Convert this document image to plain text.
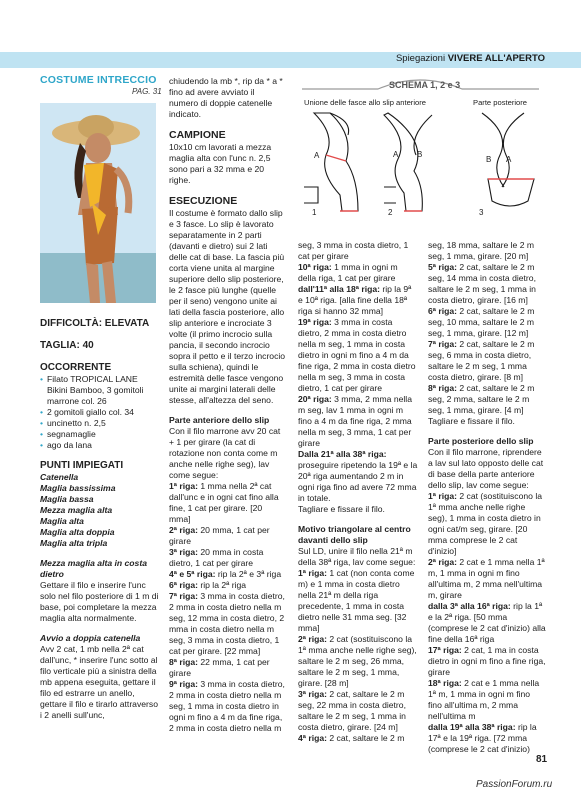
Spiegazioni VIVERE ALL'APERTO
COSTUME INTRECCIO
PAG. 31

DIFFICOLTÀ: ELEVATA

TAGLIA: 40

OCCORRENTE

• Filato TROPICAL LANE Bikini Bamboo, 3 gomitoli marrone col. 26

• 2 gomitoli giallo col. 34

• uncinetto n. 2,5

• segnamaglie

• ago da lana

PUNTI IMPIEGATI

Catenella

Maglia bassissima

Maglia bassa

Mezza maglia alta

Maglia alta

Maglia alta doppia

Maglia alta tripla

Mezza maglia alta in costa dietro

Gettare il filo e inserire l'unc solo nel filo posteriore di 1 m di base, poi completare la mezza maglia alta normalmente.

Avvio a doppia catenella

Avv 2 cat, 1 mb nella 2ª cat dall'unc, * inserire l'unc sotto al filo verticale più a sinistra della mb appena eseguita, gettare il filo ed estrarre un anello, gettare il filo e tirarlo attraverso i 2 anelli sull'unc,

chiudendo la mb *, rip da * a * fino ad avere avviato il numero di doppie catenelle indicato.

CAMPIONE

10x10 cm lavorati a mezza maglia alta con l'unc n. 2,5 sono pari a 32 mma e 20 righe.

ESECUZIONE

Il costume è formato dallo slip e 3 fasce. Lo slip è lavorato separatamente in 2 parti (davanti e dietro) sui 2 lati delle cat di base. La fascia più corta viene unita al margine superiore dello slip posteriore, le 2 fasce più lunghe (quelle per il seno) vengono unite ai lati della fascia posteriore, allo slip anteriore e incrociate 3 volte (il primo incrocio sulla pancia, il secondo incrocio sopra il petto e il terzo incrocio sulla schiena), quindi le estremità delle fasce vengono unite ai margini laterali delle stesse, all'altezza del seno.

Parte anteriore dello slip

Con il filo marrone avv 20 cat + 1 per girare (la cat di rotazione non conta come m anche nelle righe seg), lav come segue:

1ª riga: 1 mma nella 2ª cat dall'unc e in ogni cat fino alla fine, 1 cat per girare. [20 mma]

2ª riga: 20 mma, 1 cat per girare

3ª riga: 20 mma in costa dietro, 1 cat per girare

4ª e 5ª riga: rip la 2ª e 3ª riga

6ª riga: rip la 2ª riga

7ª riga: 3 mma in costa dietro, 2 mma in costa dietro nella m seg, 12 mma in costa dietro, 2 mma in costa dietro nella m seg, 3 mma in costa dietro, 1 cat per girare. [22 mma]

8ª riga: 22 mma, 1 cat per girare

9ª riga: 3 mma in costa dietro, 2 mma in costa dietro nella m seg, 1 mma in costa dietro in ogni m fino a 4 m da fine riga, 2 mma in costa dietro nella m

SCHEMA 1, 2 e 3
Unione delle fasce allo slip anteriore	Parte posteriore
A	A B
B A
1	2	3

seg, 3 mma in costa dietro, 1 cat per girare

10ª riga: 1 mma in ogni m della riga, 1 cat per girare

dall'11ª alla 18ª riga: rip la 9ª e 10ª riga. [alla fine della 18ª riga si hanno 32 mma]

19ª riga: 3 mma in costa dietro, 2 mma in costa dietro nella m seg, 1 mma in costa dietro in ogni m fino a 4 m da fine riga, 2 mma in costa dietro nella m seg, 3 mma in costa dietro, 1 cat per girare

20ª riga: 3 mma, 2 mma nella m seg, lav 1 mma in ogni m fino a 4 m da fine riga, 2 mma nella m seg, 3 mma, 1 cat per girare

Dalla 21ª alla 38ª riga: proseguire ripetendo la 19ª e la 20ª riga aumentando 2 m in ogni riga fino ad avere 72 mma in totale.

Tagliare e fissare il filo.

Motivo triangolare al centro davanti dello slip

Sul LD, unire il filo nella 21ª m della 38ª riga, lav come segue:

1ª riga: 1 cat (non conta come m) e 1 mma in costa dietro nella 21ª m della riga precedente, 1 mma in costa dietro nelle 31 mma seg. [32 mma]

2ª riga: 2 cat (sostituiscono la 1ª mma anche nelle righe seg), saltare le 2 m seg, 26 mma, saltare le 2 m seg, 1 mma, girare. [28 m]

3ª riga: 2 cat, saltare le 2 m seg, 22 mma in costa dietro, saltare le 2 m seg, 1 mma in costa dietro, girare. [24 m]

4ª riga: 2 cat, saltare le 2 m

seg, 18 mma, saltare le 2 m seg, 1 mma, girare. [20 m]

5ª riga: 2 cat, saltare le 2 m seg, 14 mma in costa dietro, saltare le 2 m seg, 1 mma in costa dietro, girare. [16 m]

6ª riga: 2 cat, saltare le 2 m seg, 10 mma, saltare le 2 m seg, 1 mma, girare. [12 m]

7ª riga: 2 cat, saltare le 2 m seg, 6 mma in costa dietro, saltare le 2 m seg, 1 mma costa dietro, girare. [8 m]

8ª riga: 2 cat, saltare le 2 m seg, 2 mma, saltare le 2 m seg, 1 mma, girare. [4 m]

Tagliare e fissare il filo.

Parte posteriore dello slip

Con il filo marrone, riprendere a lav sul lato opposto delle cat di base della parte anteriore dello slip, lav come segue:

1ª riga: 2 cat (sostituiscono la 1ª mma anche nelle righe seg), 1 mma in costa dietro in ogni cat/m seg, girare. [20 mma comprese le 2 cat d'inizio]

2ª riga: 2 cat e 1 mma nella 1ª m, 1 mma in ogni m fino all'ultima m, 2 mma nell'ultima m, girare

dalla 3ª alla 16ª riga: rip la 1ª e la 2ª riga. [50 mma (comprese le 2 cat d'inizio) alla fine della 16ª riga

17ª riga: 2 cat, 1 ma in costa dietro in ogni m fino a fine riga, girare

18ª riga: 2 cat e 1 mma nella 1ª m, 1 mma in ogni m fino fino all'ultima m, 2 mma nell'ultima m

dalla 19ª alla 38ª riga: rip la 17ª e la 19ª riga. [72 mma (comprese le 2 cat d'inizio)

81
PassionForum.ru
